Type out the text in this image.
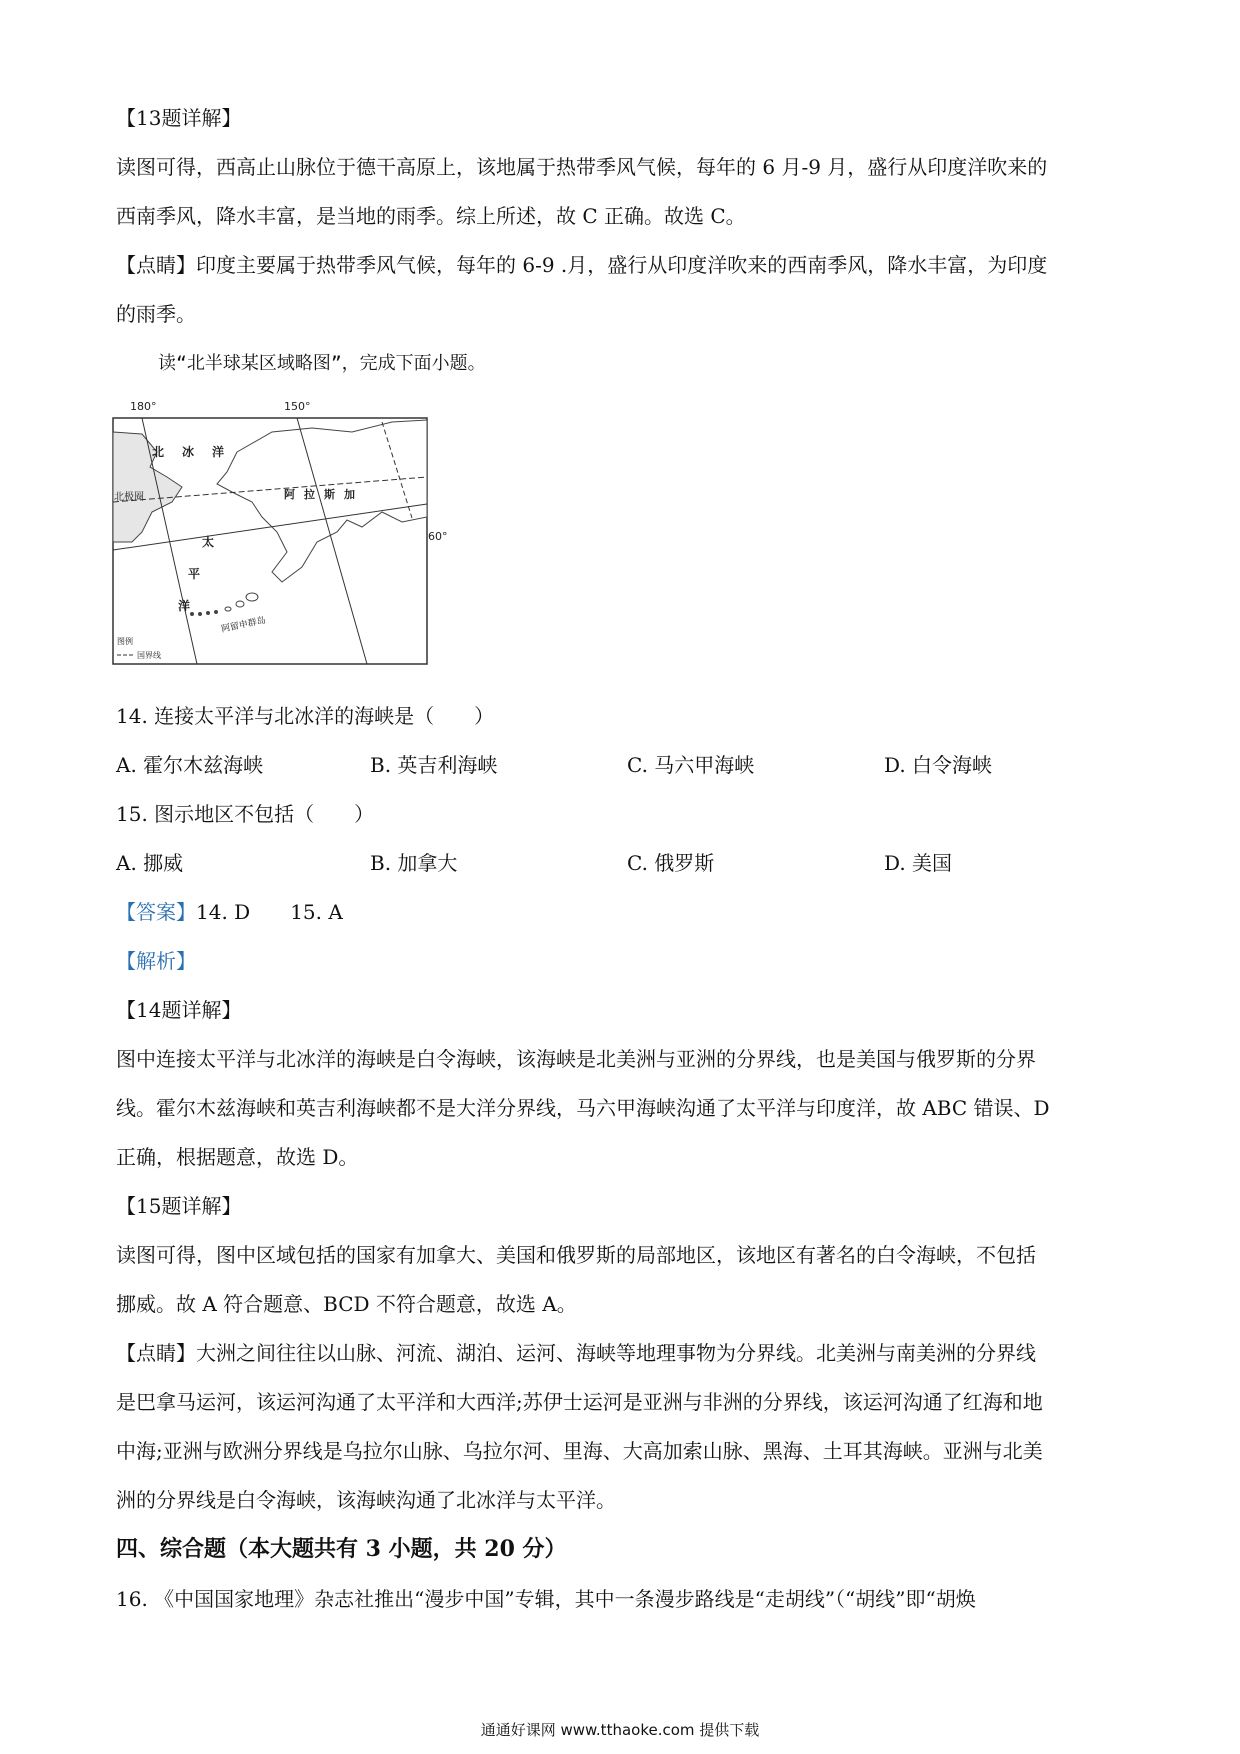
【13题详解】
读图可得，西高止山脉位于德干高原上，该地属于热带季风气候，每年的 6 月-9 月，盛行从印度洋吹来的
西南季风，降水丰富，是当地的雨季。综上所述，故 C 正确。故选 C。
【点睛】印度主要属于热带季风气候，每年的 6-9 .月，盛行从印度洋吹来的西南季风，降水丰富，为印度
的雨季。
读“北半球某区域略图”，完成下面小题。
180°	150°
北极圈
北 冰 洋
阿 拉 斯 加
太
平
洋
60°
阿留申群岛
图例
国界线
14. 连接太平洋与北冰洋的海峡是（　　）
A. 霍尔木兹海峡	B. 英吉利海峡	C. 马六甲海峡	D. 白令海峡
15. 图示地区不包括（　　）
A. 挪威	B. 加拿大	C. 俄罗斯	D. 美国
【答案】14. D　　15. A
【解析】
【14题详解】
图中连接太平洋与北冰洋的海峡是白令海峡，该海峡是北美洲与亚洲的分界线，也是美国与俄罗斯的分界
线。霍尔木兹海峡和英吉利海峡都不是大洋分界线，马六甲海峡沟通了太平洋与印度洋，故 ABC 错误、D
正确，根据题意，故选 D。
【15题详解】
读图可得，图中区域包括的国家有加拿大、美国和俄罗斯的局部地区，该地区有著名的白令海峡，不包括
挪威。故 A 符合题意、BCD 不符合题意，故选 A。
【点睛】大洲之间往往以山脉、河流、湖泊、运河、海峡等地理事物为分界线。北美洲与南美洲的分界线
是巴拿马运河，该运河沟通了太平洋和大西洋;苏伊士运河是亚洲与非洲的分界线，该运河沟通了红海和地
中海;亚洲与欧洲分界线是乌拉尔山脉、乌拉尔河、里海、大高加索山脉、黑海、土耳其海峡。亚洲与北美
洲的分界线是白令海峡，该海峡沟通了北冰洋与太平洋。
四、综合题（本大题共有 3 小题，共 20 分）
16. 《中国国家地理》杂志社推出“漫步中国”专辑，其中一条漫步路线是“走胡线”（“胡线”即“胡焕
通通好课网 www.tthaoke.com 提供下载
